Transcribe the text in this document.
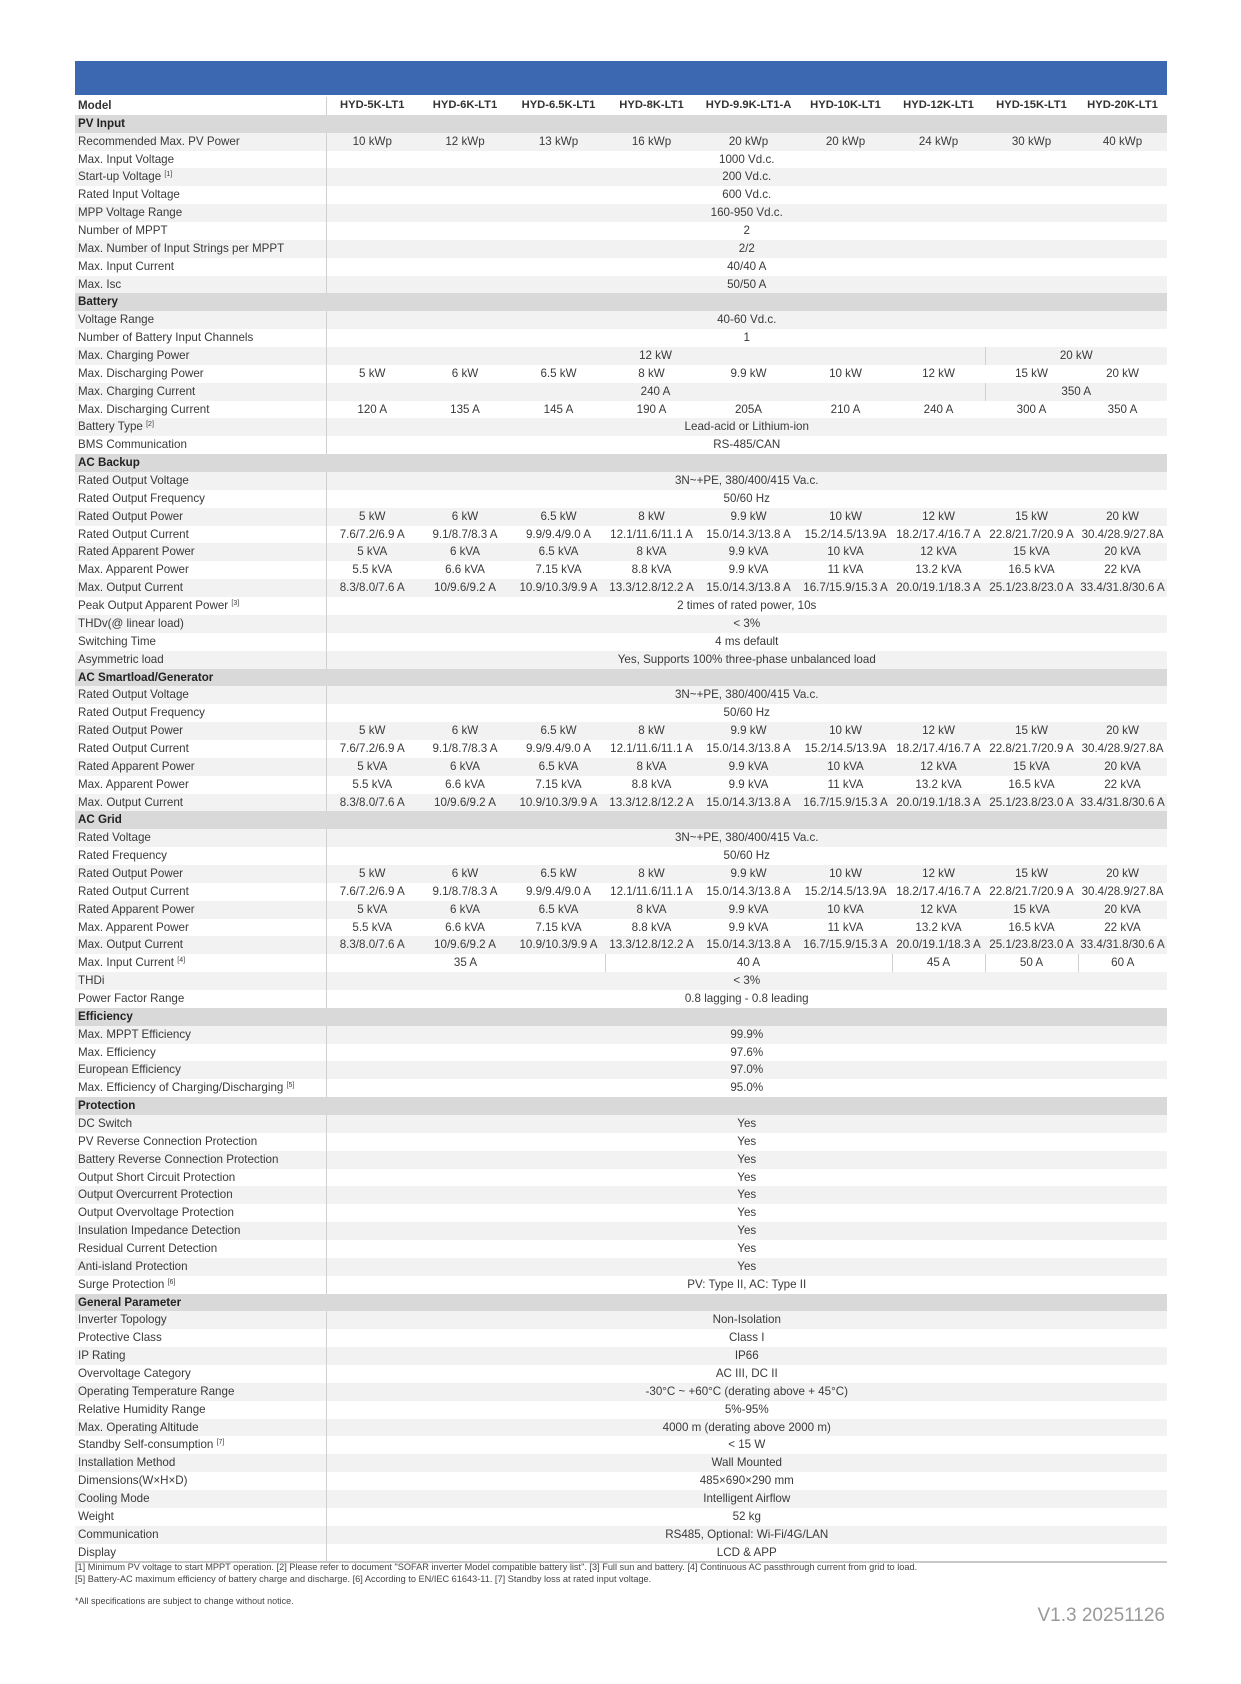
Model	HYD-5K-LT1	HYD-6K-LT1	HYD-6.5K-LT1	HYD-8K-LT1	HYD-9.9K-LT1-A	HYD-10K-LT1	HYD-12K-LT1	HYD-15K-LT1	HYD-20K-LT1
PV Input									
Recommended Max. PV Power	10 kWp	12 kWp	13 kWp	16 kWp	20 kWp	20 kWp	24 kWp	30 kWp	40 kWp
Max. Input Voltage	1000 Vd.c.								
Start-up Voltage [1]	200 Vd.c.								
Rated Input Voltage	600 Vd.c.								
MPP Voltage Range	160-950 Vd.c.								
Number of MPPT	2								
Max. Number of Input Strings per MPPT	2/2								
Max. Input Current	40/40 A								
Max. Isc	50/50 A								
Battery									
Voltage Range	40-60 Vd.c.								
Number of Battery Input Channels	1								
Max. Charging Power	12 kW							20 kW	
Max. Discharging Power	5 kW	6 kW	6.5 kW	8 kW	9.9 kW	10 kW	12 kW	15 kW	20 kW
Max. Charging Current	240 A							350 A	
Max. Discharging Current	120 A	135 A	145 A	190 A	205A	210 A	240 A	300 A	350 A
Battery Type [2]	Lead-acid or Lithium-ion								
BMS Communication	RS-485/CAN								
AC Backup									
Rated Output Voltage	3N~+PE, 380/400/415 Va.c.								
Rated Output Frequency	50/60 Hz								
Rated Output Power	5 kW	6 kW	6.5 kW	8 kW	9.9 kW	10 kW	12 kW	15 kW	20 kW
Rated Output Current	7.6/7.2/6.9 A	9.1/8.7/8.3 A	9.9/9.4/9.0 A	12.1/11.6/11.1 A	15.0/14.3/13.8 A	15.2/14.5/13.9A	18.2/17.4/16.7 A	22.8/21.7/20.9 A	30.4/28.9/27.8A
Rated Apparent Power	5 kVA	6 kVA	6.5 kVA	8 kVA	9.9 kVA	10 kVA	12 kVA	15 kVA	20 kVA
Max. Apparent Power	5.5 kVA	6.6 kVA	7.15 kVA	8.8 kVA	9.9 kVA	11 kVA	13.2 kVA	16.5 kVA	22 kVA
Max. Output Current	8.3/8.0/7.6 A	10/9.6/9.2 A	10.9/10.3/9.9 A	13.3/12.8/12.2 A	15.0/14.3/13.8 A	16.7/15.9/15.3 A	20.0/19.1/18.3 A	25.1/23.8/23.0 A	33.4/31.8/30.6 A
Peak Output Apparent Power [3]	2 times of rated power, 10s								
THDv(@ linear load)	< 3%								
Switching Time	4 ms default								
Asymmetric load	Yes, Supports 100% three-phase unbalanced load								
AC Smartload/Generator									
Rated Output Voltage	3N~+PE, 380/400/415 Va.c.								
Rated Output Frequency	50/60 Hz								
Rated Output Power	5 kW	6 kW	6.5 kW	8 kW	9.9 kW	10 kW	12 kW	15 kW	20 kW
Rated Output Current	7.6/7.2/6.9 A	9.1/8.7/8.3 A	9.9/9.4/9.0 A	12.1/11.6/11.1 A	15.0/14.3/13.8 A	15.2/14.5/13.9A	18.2/17.4/16.7 A	22.8/21.7/20.9 A	30.4/28.9/27.8A
Rated Apparent Power	5 kVA	6 kVA	6.5 kVA	8 kVA	9.9 kVA	10 kVA	12 kVA	15 kVA	20 kVA
Max. Apparent Power	5.5 kVA	6.6 kVA	7.15 kVA	8.8 kVA	9.9 kVA	11 kVA	13.2 kVA	16.5 kVA	22 kVA
Max. Output Current	8.3/8.0/7.6 A	10/9.6/9.2 A	10.9/10.3/9.9 A	13.3/12.8/12.2 A	15.0/14.3/13.8 A	16.7/15.9/15.3 A	20.0/19.1/18.3 A	25.1/23.8/23.0 A	33.4/31.8/30.6 A
AC Grid									
Rated Voltage	3N~+PE, 380/400/415 Va.c.								
Rated Frequency	50/60 Hz								
Rated Output Power	5 kW	6 kW	6.5 kW	8 kW	9.9 kW	10 kW	12 kW	15 kW	20 kW
Rated Output Current	7.6/7.2/6.9 A	9.1/8.7/8.3 A	9.9/9.4/9.0 A	12.1/11.6/11.1 A	15.0/14.3/13.8 A	15.2/14.5/13.9A	18.2/17.4/16.7 A	22.8/21.7/20.9 A	30.4/28.9/27.8A
Rated Apparent Power	5 kVA	6 kVA	6.5 kVA	8 kVA	9.9 kVA	10 kVA	12 kVA	15 kVA	20 kVA
Max. Apparent Power	5.5 kVA	6.6 kVA	7.15 kVA	8.8 kVA	9.9 kVA	11 kVA	13.2 kVA	16.5 kVA	22 kVA
Max. Output Current	8.3/8.0/7.6 A	10/9.6/9.2 A	10.9/10.3/9.9 A	13.3/12.8/12.2 A	15.0/14.3/13.8 A	16.7/15.9/15.3 A	20.0/19.1/18.3 A	25.1/23.8/23.0 A	33.4/31.8/30.6 A
Max. Input Current [4]	35 A			40 A			45 A	50 A	60 A
THDi	< 3%								
Power Factor Range	0.8 lagging - 0.8 leading								
Efficiency									
Max. MPPT Efficiency	99.9%								
Max. Efficiency	97.6%								
European Efficiency	97.0%								
Max. Efficiency of Charging/Discharging [5]	95.0%								
Protection									
DC Switch	Yes								
PV Reverse Connection Protection	Yes								
Battery Reverse Connection Protection	Yes								
Output Short Circuit Protection	Yes								
Output Overcurrent Protection	Yes								
Output Overvoltage Protection	Yes								
Insulation Impedance Detection	Yes								
Residual Current Detection	Yes								
Anti-island Protection	Yes								
Surge Protection [6]	PV: Type II, AC: Type II								
General Parameter									
Inverter Topology	Non-Isolation								
Protective Class	Class I								
IP Rating	IP66								
Overvoltage Category	AC III, DC II								
Operating Temperature Range	-30°C ~ +60°C (derating above + 45°C)								
Relative Humidity Range	5%-95%								
Max. Operating Altitude	4000 m (derating above 2000 m)								
Standby Self-consumption [7]	< 15 W								
Installation Method	Wall Mounted								
Dimensions(W×H×D)	485×690×290 mm								
Cooling Mode	Intelligent Airflow								
Weight	52 kg								
Communication	RS485, Optional: Wi-Fi/4G/LAN								
Display	LCD & APP								
[1] Minimum PV voltage to start MPPT operation. [2] Please refer to document "SOFAR inverter Model compatible battery list". [3] Full sun and battery. [4] Continuous AC passthrough current from grid to load.
[5] Battery-AC maximum efficiency of battery charge and discharge. [6] According to EN/IEC 61643-11. [7] Standby loss at rated input voltage.
*All specifications are subject to change without notice.
V1.3 20251126
